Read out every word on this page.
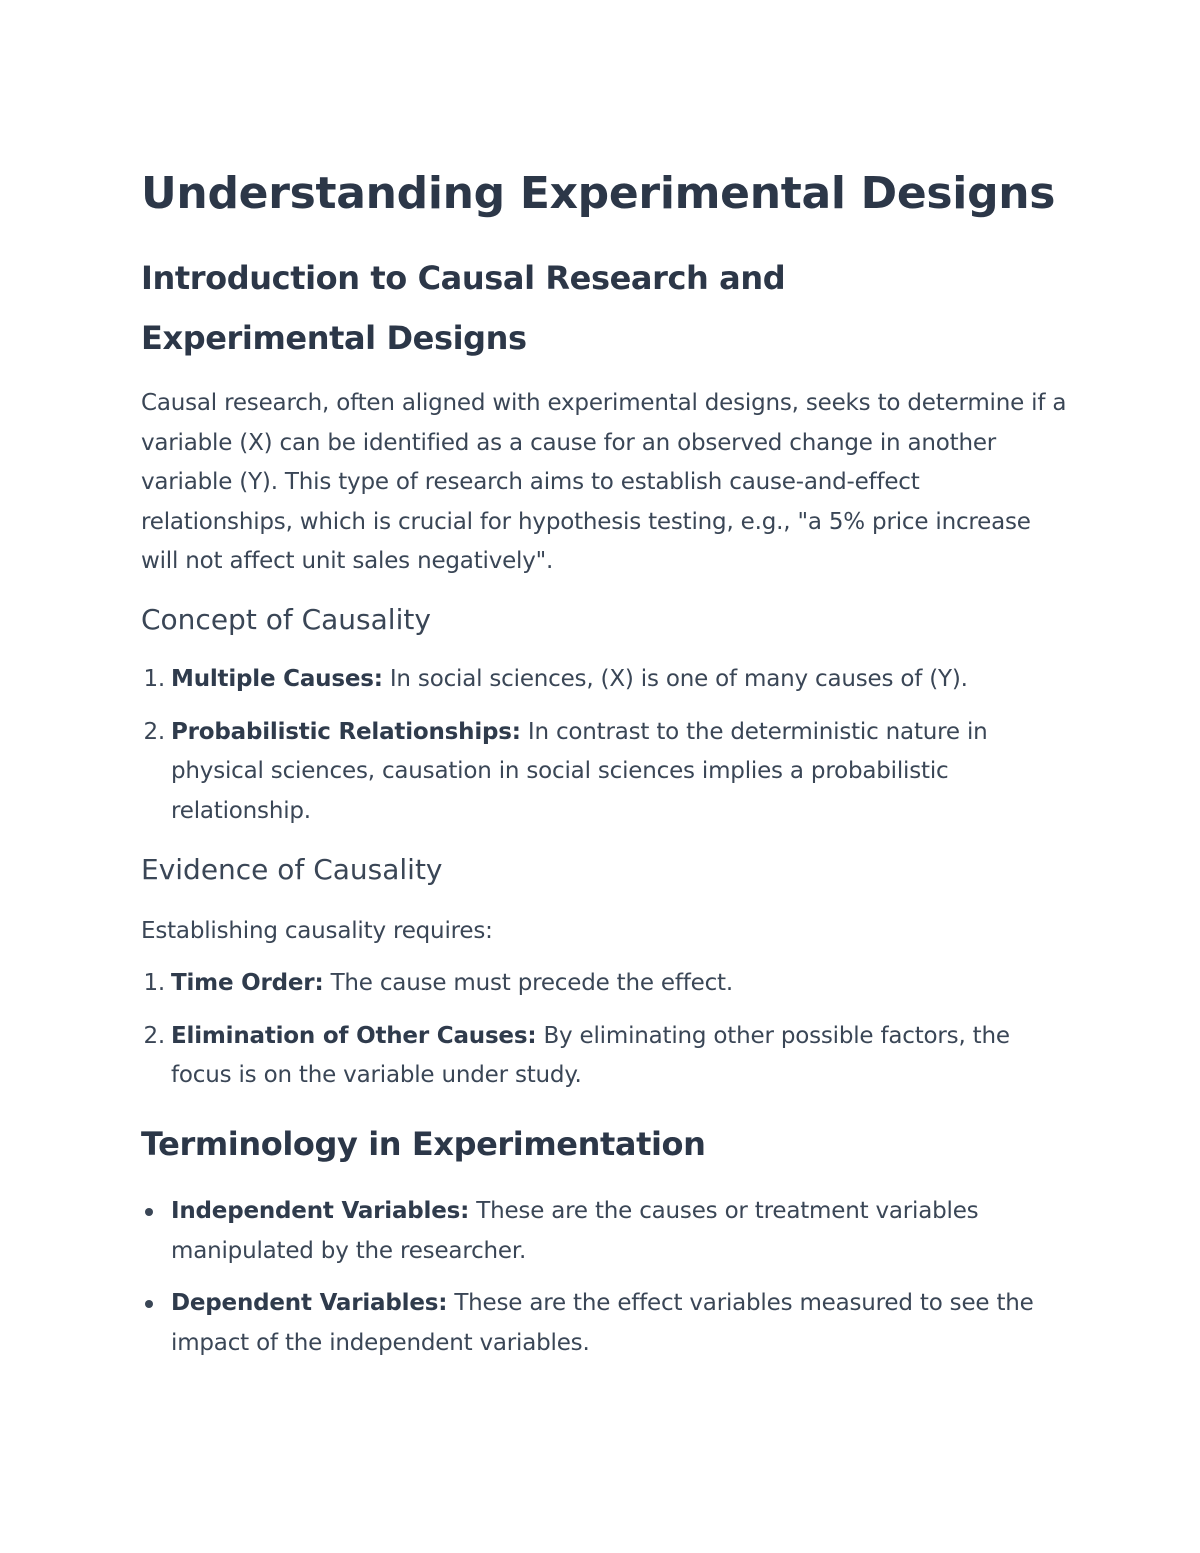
Understanding Experimental Designs
Introduction to Causal Research and Experimental Designs

Causal research, often aligned with experimental designs, seeks to determine if a variable (X) can be identified as a cause for an observed change in another variable (Y). This type of research aims to establish cause-and-effect relationships, which is crucial for hypothesis testing, e.g., "a 5% price increase will not affect unit sales negatively".

Concept of Causality
1. Multiple Causes: In social sciences, (X) is one of many causes of (Y).
2. Probabilistic Relationships: In contrast to the deterministic nature in physical sciences, causation in social sciences implies a probabilistic relationship.
Evidence of Causality

Establishing causality requires:

1. Time Order: The cause must precede the effect.
2. Elimination of Other Causes: By eliminating other possible factors, the focus is on the variable under study.
Terminology in Experimentation
Independent Variables: These are the causes or treatment variables manipulated by the researcher.
Dependent Variables: These are the effect variables measured to see the impact of the independent variables.
